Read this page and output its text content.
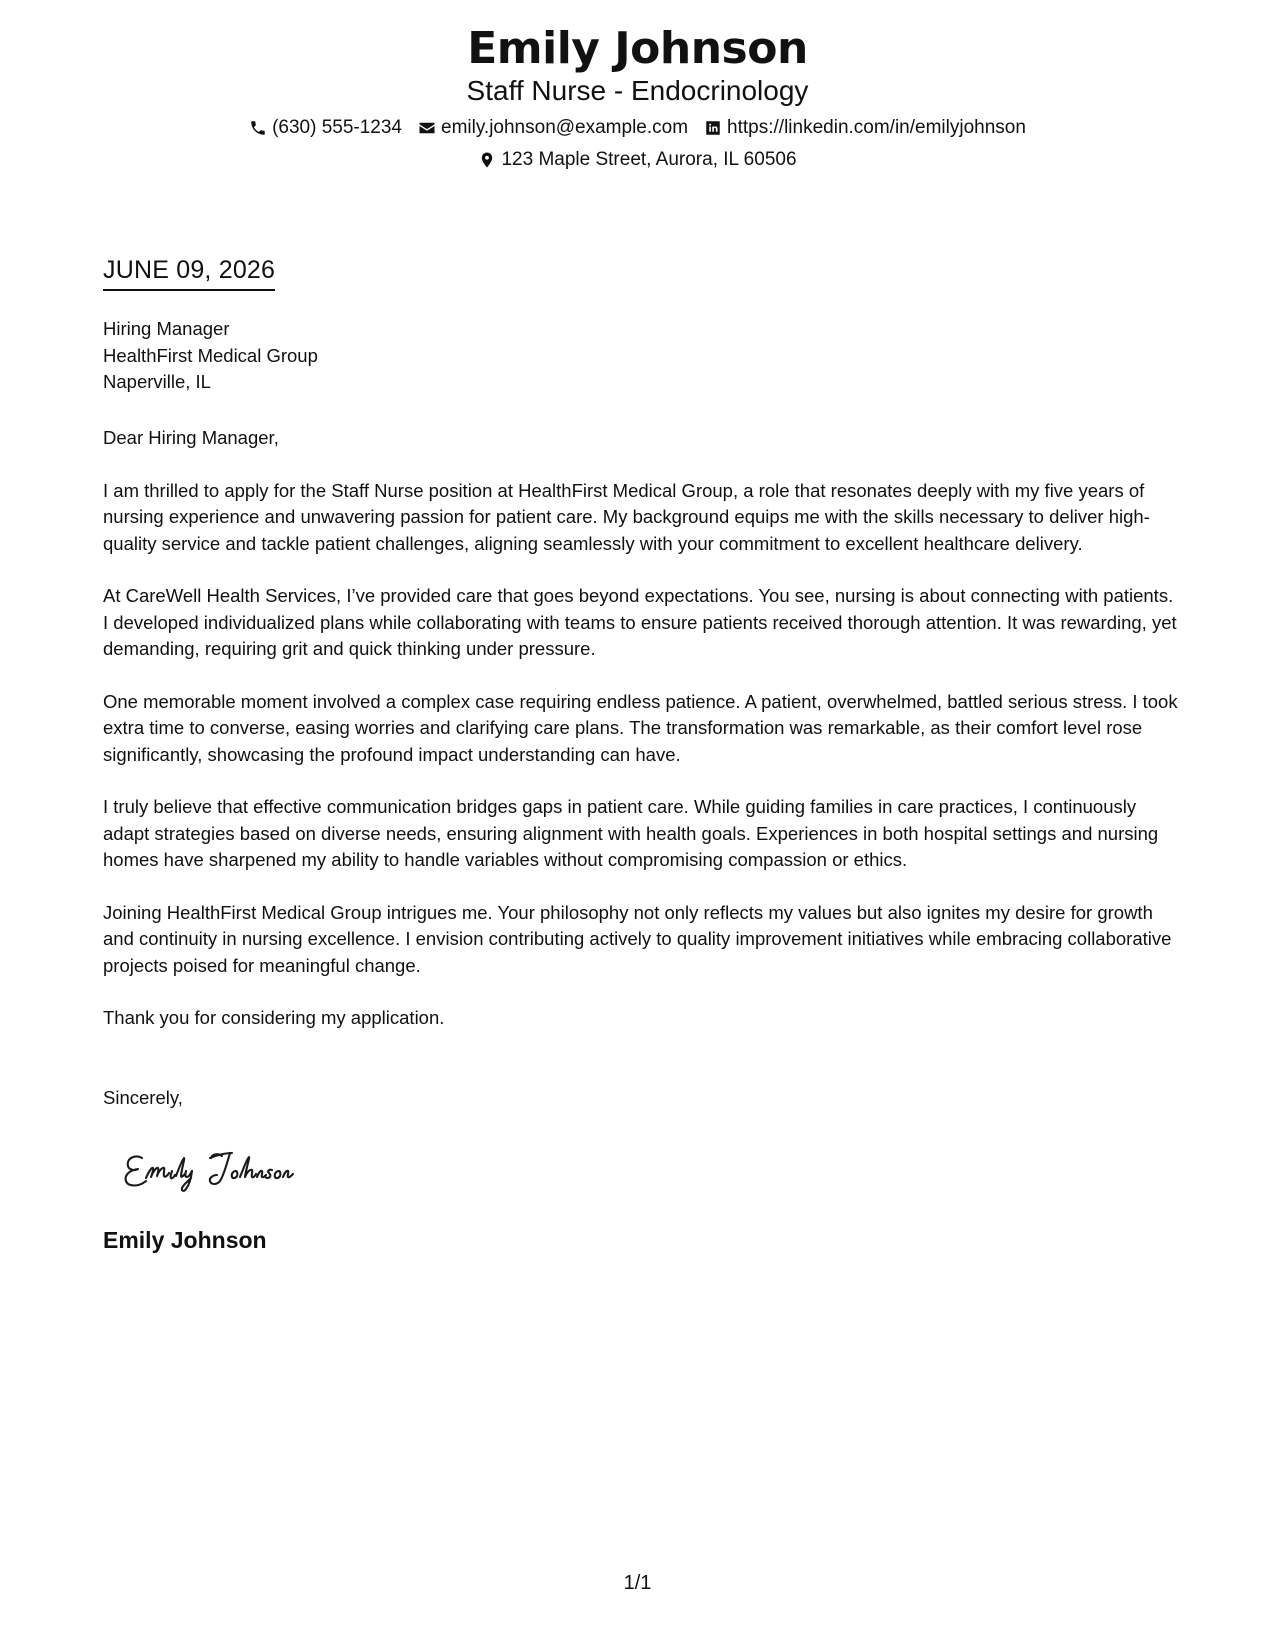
Emily Johnson
Staff Nurse - Endocrinology
(630) 555-1234 emily.johnson@example.com https://linkedin.com/in/emilyjohnson
123 Maple Street, Aurora, IL 60506
JUNE 09, 2026
Hiring Manager
HealthFirst Medical Group
Naperville, IL

Dear Hiring Manager,

I am thrilled to apply for the Staff Nurse position at HealthFirst Medical Group, a role that resonates deeply with my five years of nursing experience and unwavering passion for patient care. My background equips me with the skills necessary to deliver high-quality service and tackle patient challenges, aligning seamlessly with your commitment to excellent healthcare delivery.

At CareWell Health Services, I’ve provided care that goes beyond expectations. You see, nursing is about connecting with patients. I developed individualized plans while collaborating with teams to ensure patients received thorough attention. It was rewarding, yet demanding, requiring grit and quick thinking under pressure.

One memorable moment involved a complex case requiring endless patience. A patient, overwhelmed, battled serious stress. I took extra time to converse, easing worries and clarifying care plans. The transformation was remarkable, as their comfort level rose significantly, showcasing the profound impact understanding can have.

I truly believe that effective communication bridges gaps in patient care. While guiding families in care practices, I continuously adapt strategies based on diverse needs, ensuring alignment with health goals. Experiences in both hospital settings and nursing homes have sharpened my ability to handle variables without compromising compassion or ethics.

Joining HealthFirst Medical Group intrigues me. Your philosophy not only reflects my values but also ignites my desire for growth and continuity in nursing excellence. I envision contributing actively to quality improvement initiatives while embracing collaborative projects poised for meaningful change.

Thank you for considering my application.

Sincerely,
Emily Johnson
1/1
